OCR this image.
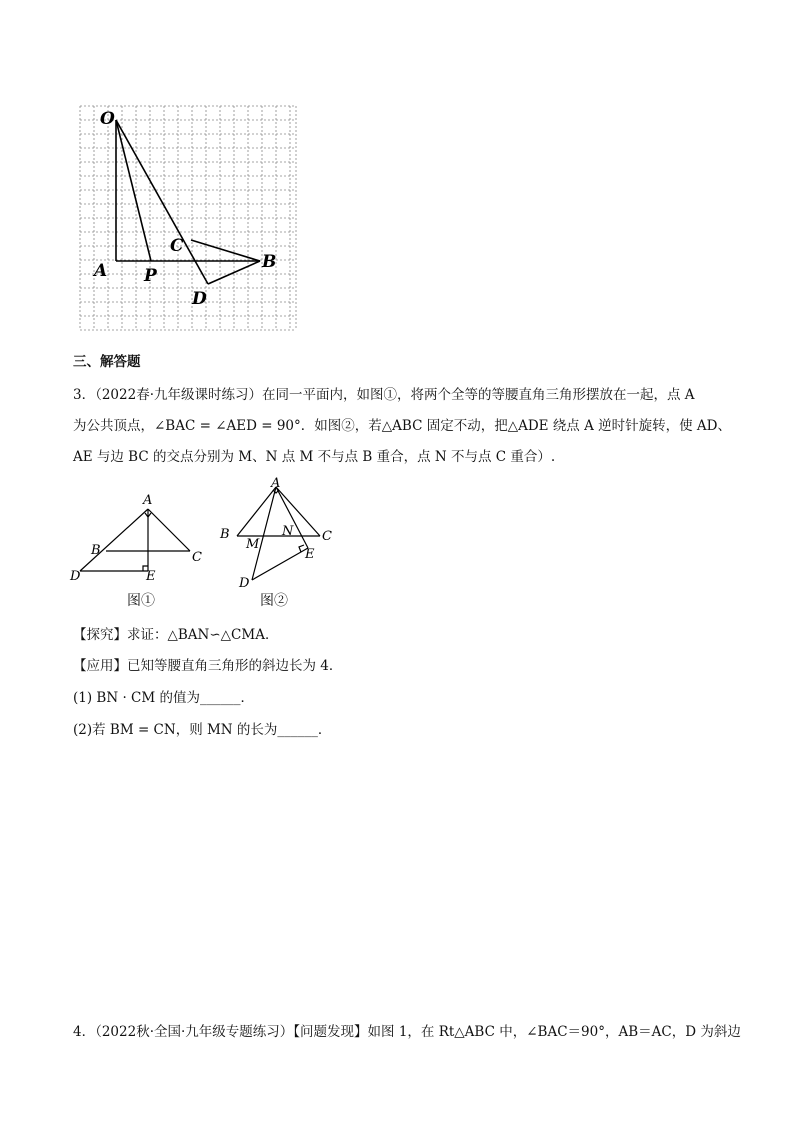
O
A P
C
B
D
三、解答题
3．（2022春·九年级课时练习）在同一平面内，如图①，将两个全等的等腰直角三角形摆放在一起，点 A
为公共顶点，∠BAC = ∠AED = 90°．如图②，若△ABC 固定不动，把△ADE 绕点 A 逆时针旋转，使 AD、
AE 与边 BC 的交点分别为 M、N 点 M 不与点 B 重合，点 N 不与点 C 重合）.
A
B	C
D	E
图①
A
B	C
M
N
E
D
图②
【探究】求证：△BAN∽△CMA．
【应用】已知等腰直角三角形的斜边长为 4．
(1) BN · CM 的值为______．
(2)若 BM = CN，则 MN 的长为______．
4．（2022秋·全国·九年级专题练习）【问题发现】如图 1，在 Rt△ABC 中，∠BAC＝90°，AB＝AC，D 为斜边
